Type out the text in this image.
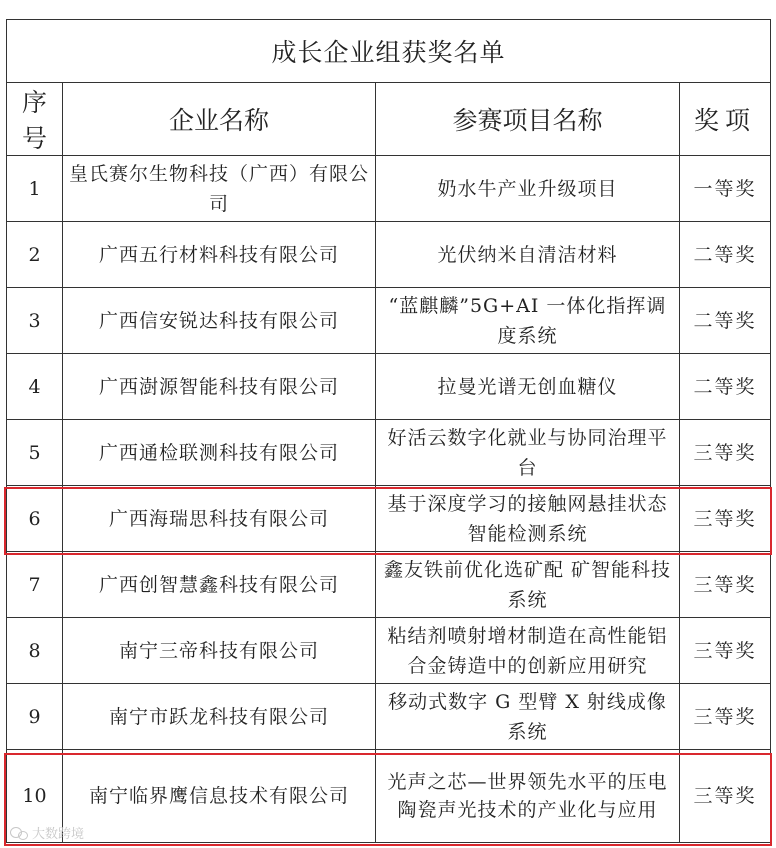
成长企业组获奖名单			
序号	企业名称	参赛项目名称	奖项
1	皇氏赛尔生物科技（广西）有限公司	奶水牛产业升级项目	一等奖
2	广西五行材料科技有限公司	光伏纳米自清洁材料	二等奖
3	广西信安锐达科技有限公司	“蓝麒麟”5G+AI 一体化指挥调度系统	二等奖
4	广西澍源智能科技有限公司	拉曼光谱无创血糖仪	二等奖
5	广西通检联测科技有限公司	好活云数字化就业与协同治理平台	三等奖
6	广西海瑞思科技有限公司	基于深度学习的接触网悬挂状态智能检测系统	三等奖
7	广西创智慧鑫科技有限公司	鑫友铁前优化选矿配 矿智能科技系统	三等奖
8	南宁三帝科技有限公司	粘结剂喷射增材制造在高性能铝合金铸造中的创新应用研究	三等奖
9	南宁市跃龙科技有限公司	移动式数字 G 型臂 X 射线成像系统	三等奖
10	南宁临界鹰信息技术有限公司	光声之芯—世界领先水平的压电陶瓷声光技术的产业化与应用	三等奖
大数跨境
